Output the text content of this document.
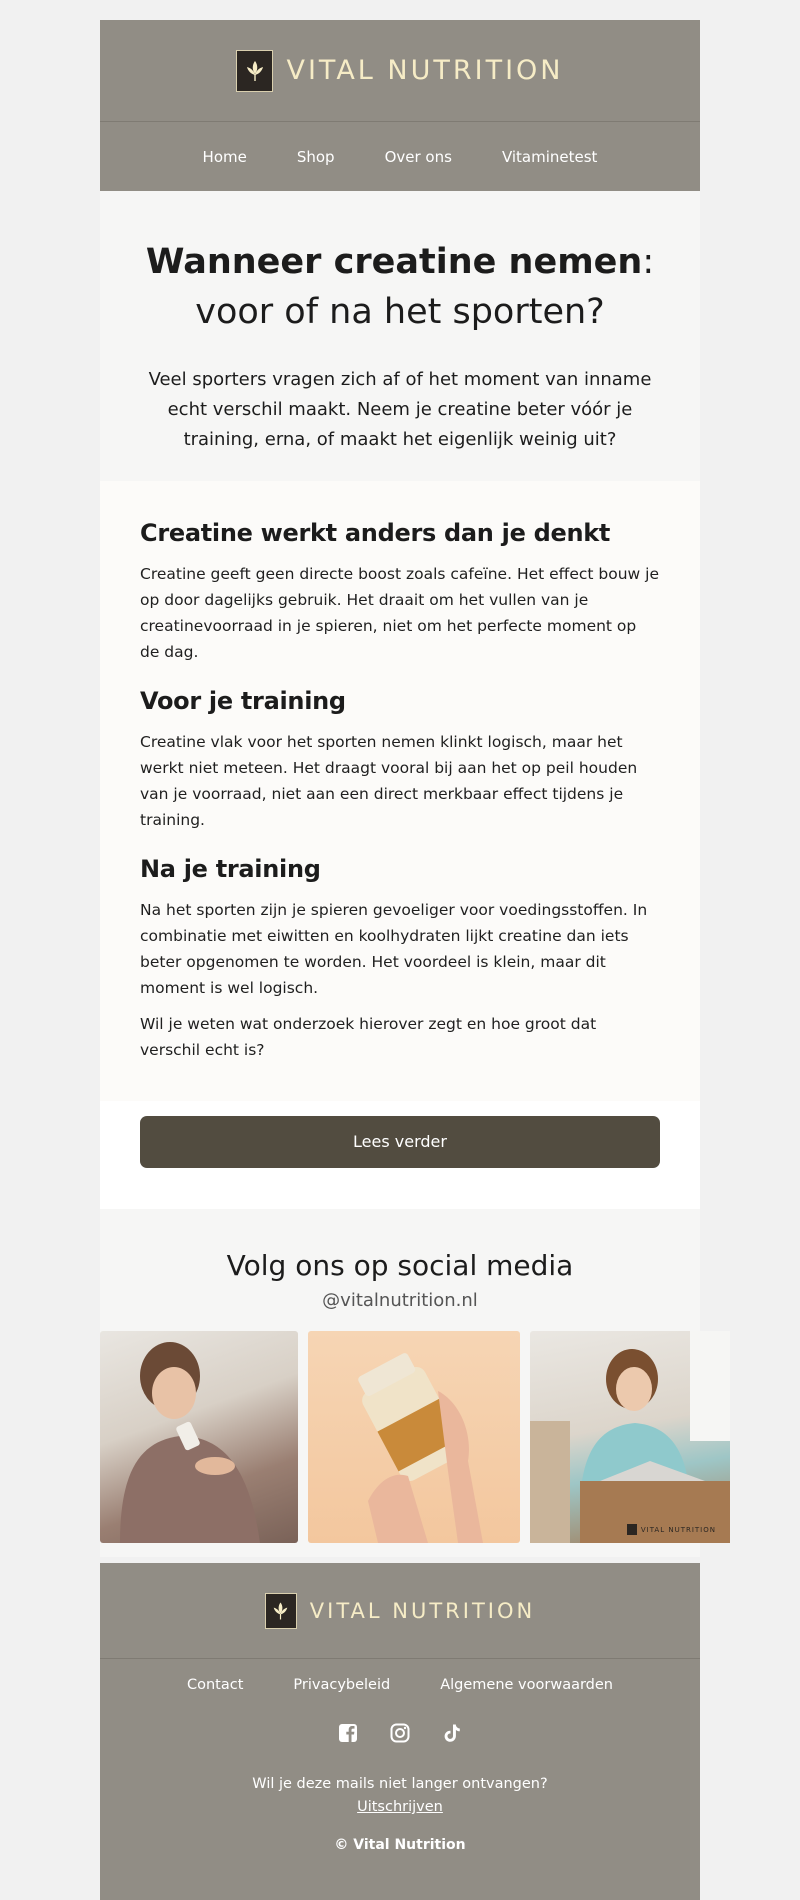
VITAL NUTRITION
Home	Shop	Over ons	Vitaminetest
Wanneer creatine nemen:
voor of na het sporten?

Veel sporters vragen zich af of het moment van inname echt verschil maakt. Neem je creatine beter vóór je training, erna, of maakt het eigenlijk weinig uit?

Creatine werkt anders dan je denkt

Creatine geeft geen directe boost zoals cafeïne. Het effect bouw je op door dagelijks gebruik. Het draait om het vullen van je creatinevoorraad in je spieren, niet om het perfecte moment op de dag.

Voor je training

Creatine vlak voor het sporten nemen klinkt logisch, maar het werkt niet meteen. Het draagt vooral bij aan het op peil houden van je voorraad, niet aan een direct merkbaar effect tijdens je training.

Na je training

Na het sporten zijn je spieren gevoeliger voor voedingsstoffen. In combinatie met eiwitten en koolhydraten lijkt creatine dan iets beter opgenomen te worden. Het voordeel is klein, maar dit moment is wel logisch.

Wil je weten wat onderzoek hierover zegt en hoe groot dat verschil echt is?

Lees verder
Volg ons op social media
@vitalnutrition.nl
VITAL NUTRITION
VITAL NUTRITION
Contact	Privacybeleid	Algemene voorwaarden
Wil je deze mails niet langer ontvangen?
Uitschrijven
© Vital Nutrition
